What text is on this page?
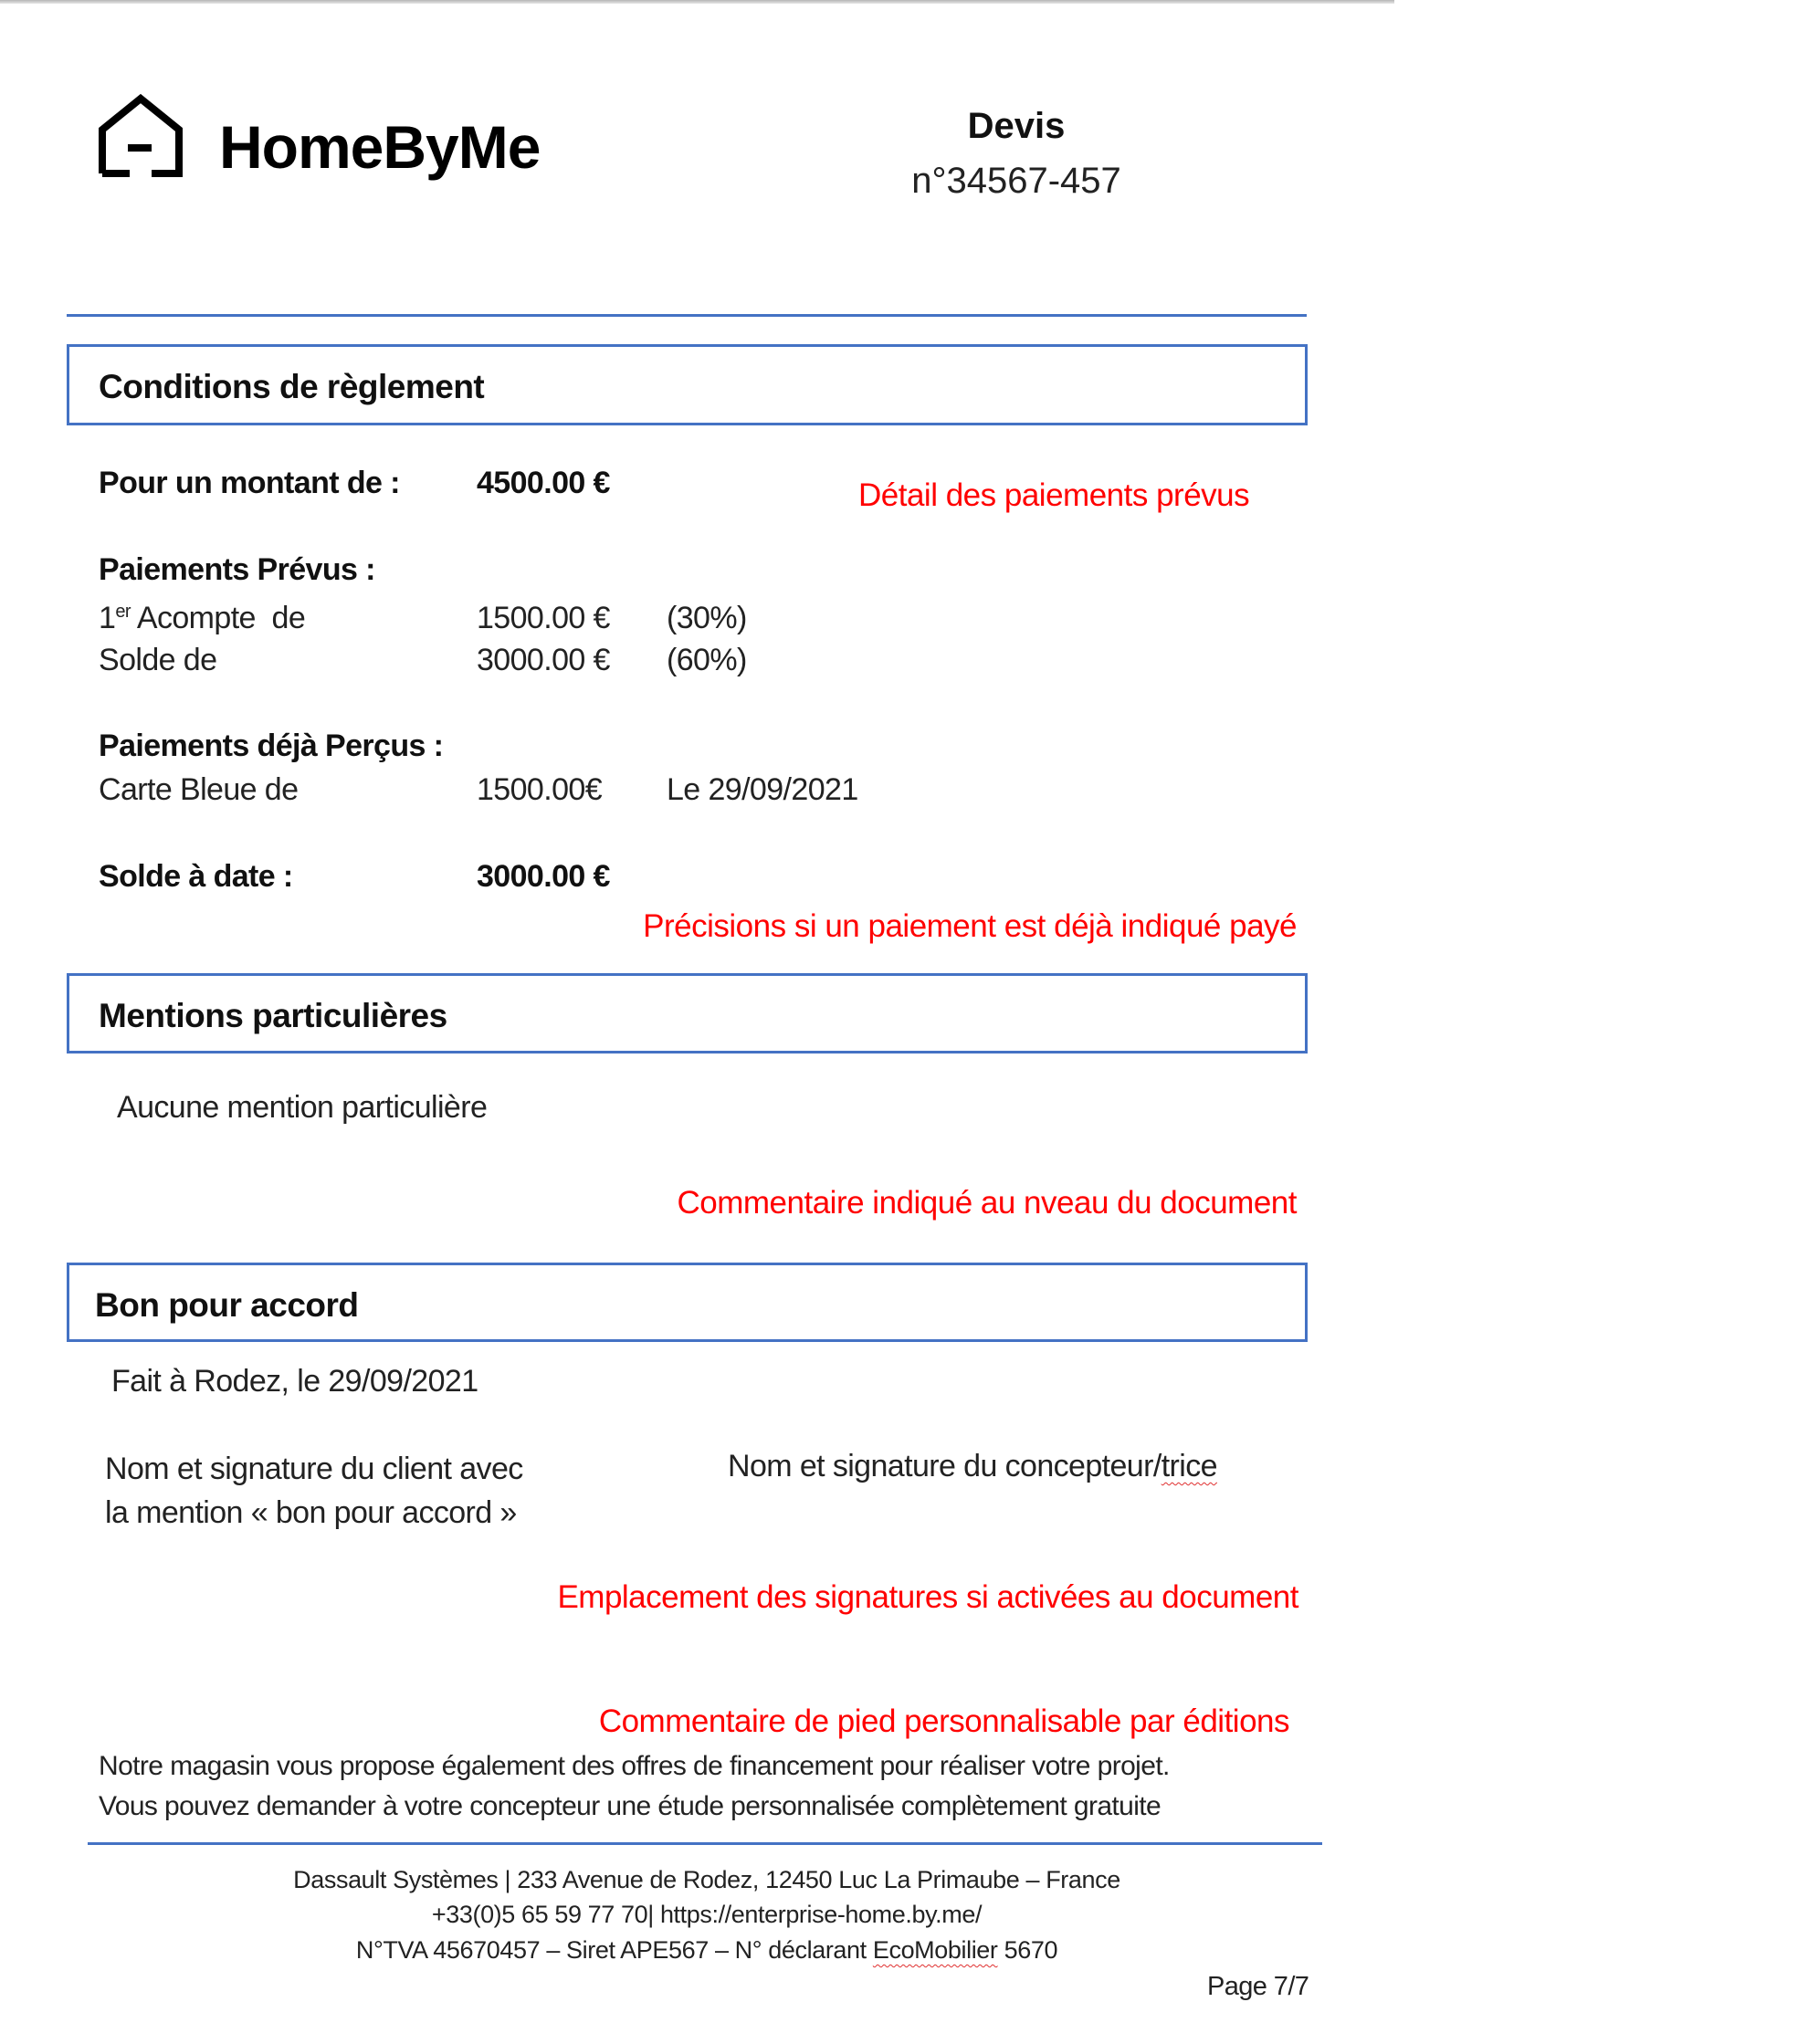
HomeByMe	Devis
n°34567-457
Conditions de règlement
Pour un montant de : 4500.00 €	Détail des paiements prévus
Paiements Prévus :
1er Acompte  de	1500.00 € (30%)
Solde de	3000.00 € (60%)
Paiements déjà Perçus :
Carte Bleue de	1500.00€ Le 29/09/2021
Solde à date :	3000.00 €
Précisions si un paiement est déjà indiqué payé
Mentions particulières
Aucune mention particulière
Commentaire indiqué au nveau du document
Bon pour accord
Fait à Rodez, le 29/09/2021
Nom et signature du client avec
la mention « bon pour accord »
Nom et signature du concepteur/trice
Emplacement des signatures si activées au document
Commentaire de pied personnalisable par éditions
Notre magasin vous propose également des offres de financement pour réaliser votre projet.
Vous pouvez demander à votre concepteur une étude personnalisée complètement gratuite
Dassault Systèmes | 233 Avenue de Rodez, 12450 Luc La Primaube – France
+33(0)5 65 59 77 70| https://enterprise-home.by.me/
N°TVA 45670457 – Siret APE567 – N° déclarant EcoMobilier 5670
Page 7/7
